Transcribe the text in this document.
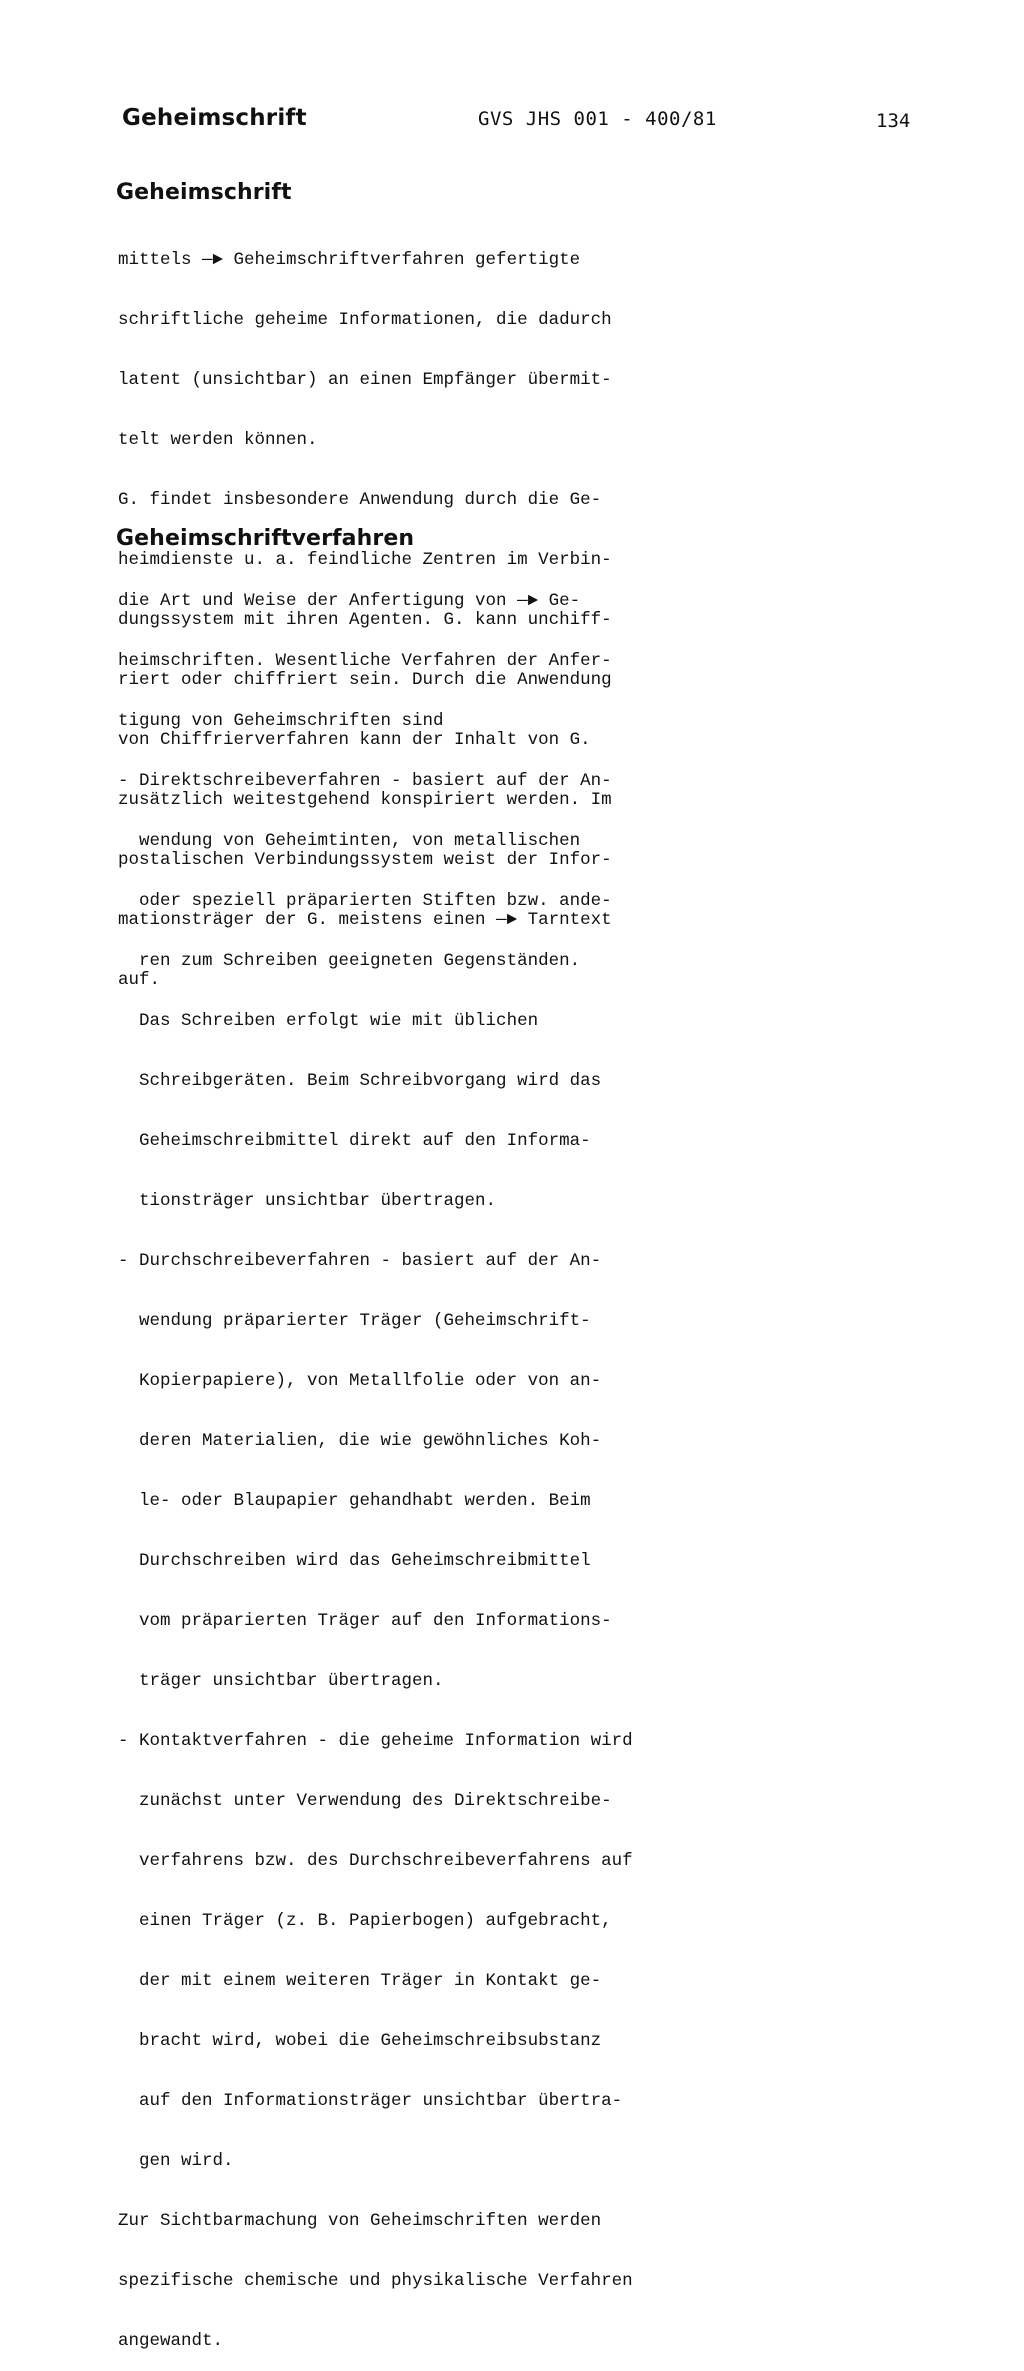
Geheimschrift	GVS JHS 001 - 400/81	134
Geheimschrift

mittels —► Geheimschriftverfahren gefertigte

schriftliche geheime Informationen, die dadurch

latent (unsichtbar) an einen Empfänger übermit-

telt werden können.

G. findet insbesondere Anwendung durch die Ge-

heimdienste u. a. feindliche Zentren im Verbin-

dungssystem mit ihren Agenten. G. kann unchiff-

riert oder chiffriert sein. Durch die Anwendung

von Chiffrierverfahren kann der Inhalt von G.

zusätzlich weitestgehend konspiriert werden. Im

postalischen Verbindungssystem weist der Infor-

mationsträger der G. meistens einen —► Tarntext

auf.

Geheimschriftverfahren

die Art und Weise der Anfertigung von —► Ge-

heimschriften. Wesentliche Verfahren der Anfer-

tigung von Geheimschriften sind

- Direktschreibeverfahren - basiert auf der An-

wendung von Geheimtinten, von metallischen

oder speziell präparierten Stiften bzw. ande-

ren zum Schreiben geeigneten Gegenständen.

Das Schreiben erfolgt wie mit üblichen

Schreibgeräten. Beim Schreibvorgang wird das

Geheimschreibmittel direkt auf den Informa-

tionsträger unsichtbar übertragen.

- Durchschreibeverfahren - basiert auf der An-

wendung präparierter Träger (Geheimschrift-

Kopierpapiere), von Metallfolie oder von an-

deren Materialien, die wie gewöhnliches Koh-

le- oder Blaupapier gehandhabt werden. Beim

Durchschreiben wird das Geheimschreibmittel

vom präparierten Träger auf den Informations-

träger unsichtbar übertragen.

- Kontaktverfahren - die geheime Information wird

zunächst unter Verwendung des Direktschreibe-

verfahrens bzw. des Durchschreibeverfahrens auf

einen Träger (z. B. Papierbogen) aufgebracht,

der mit einem weiteren Träger in Kontakt ge-

bracht wird, wobei die Geheimschreibsubstanz

auf den Informationsträger unsichtbar übertra-

gen wird.

Zur Sichtbarmachung von Geheimschriften werden

spezifische chemische und physikalische Verfahren

angewandt.
